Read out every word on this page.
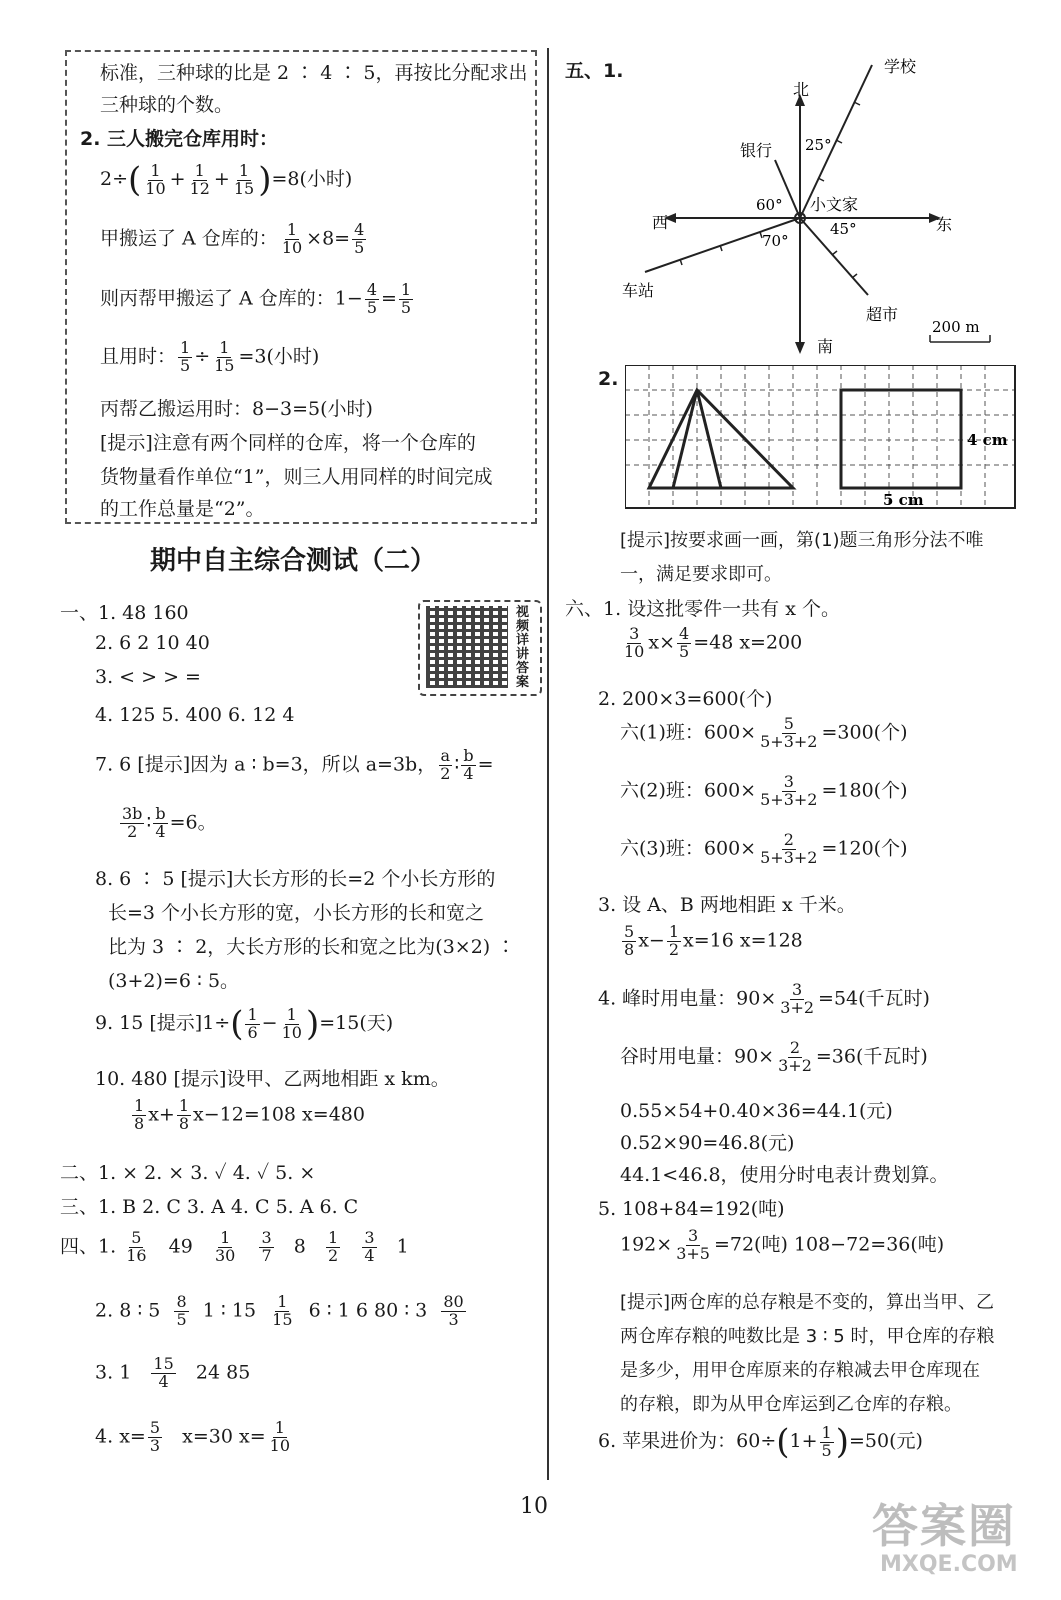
标准，三种球的比是 2 ∶ 4 ∶ 5，再按比分配求出
三种球的个数。
2. 三人搬完仓库用时：
$2\div( \frac{1}{10} + \frac{1}{12} + \frac{1}{15} )=8$(小时)
甲搬运了 A 仓库的： $\frac{1}{10} \times 8= \frac{4}{5}$
则丙帮甲搬运了 A 仓库的：$1- \frac{4}{5} = \frac{1}{5}$
且用时： $\frac{1}{5} \div \frac{1}{15} =3$(小时)
丙帮乙搬运用时：8−3=5(小时)
[提示]注意有两个同样的仓库，将一个仓库的
货物量看作单位“1”，则三人用同样的时间完成
的工作总量是“2”。
期中自主综合测试（二）
视频详讲答案
一、1. 48 160
2. 6 2 10 40
3. < > > =
4. 125 5. 400 6. 12 4
7. 6 [提示]因为 a ∶ b=3，所以 a=3b， $\frac{a}{2}$ ∶ $\frac{b}{4}$ =
$\frac{3b}{2}$ ∶ $\frac{b}{4} =6$。
8. 6 ∶ 5 [提示]大长方形的长=2 个小长方形的
长=3 个小长方形的宽，小长方形的长和宽之
比为 3 ∶ 2，大长方形的长和宽之比为(3×2) ∶
(3+2)=6 ∶ 5。
9. 15 [提示]$1\div( \frac{1}{6} - \frac{1}{10} )=15$(天)
10. 480 [提示]设甲、乙两地相距 x km。
$\frac{1}{8} x+ \frac{1}{8} x-12=108$ x=480
二、1. × 2. × 3. ✓ 4. ✓ 5. ×
三、1. B 2. C 3. A 4. C 5. A 6. C
四、1. $\frac{5}{16} 49 \frac{1}{30}$
$\frac{3}{7} 8 \frac{1}{2}$
$\frac{3}{4} 1$
2. 8 ∶ $5 \frac{8}{5} 1$ ∶ $15 \frac{1}{15} 6$ ∶ 1 6 80 ∶ $3 \frac{80}{3}$
3. $1 \frac{15}{4} 24$ 85
4. $x= \frac{5}{3} x=30$ $x= \frac{1}{10}$
五、1.
北
南
东
西
学校
银行
小文家
车站
超市
25°
60°
45°
70°
200 m
2.
4 cm
5 cm
[提示]按要求画一画，第(1)题三角形分法不唯
一，满足要求即可。
六、1. 设这批零件一共有 x 个。
$\frac{3}{10} x\times \frac{4}{5} =48$ x=200
2. 200×3=600(个)
六(1)班：$600\times \frac{5}{5+3+2} =300$(个)
六(2)班：$600\times \frac{3}{5+3+2} =180$(个)
六(3)班：$600\times \frac{2}{5+3+2} =120$(个)
3. 设 A、B 两地相距 x 千米。
$\frac{5}{8} x- \frac{1}{2} x=16$ x=128
4. 峰时用电量：$90\times \frac{3}{3+2} =54$(千瓦时)
谷时用电量：$90\times \frac{2}{3+2} =36$(千瓦时)
0.55×54+0.40×36=44.1(元)
0.52×90=46.8(元)
44.1<46.8，使用分时电表计费划算。
5. 108+84=192(吨)
$192\times \frac{3}{3+5} =72$(吨) 108−72=36(吨)
[提示]两仓库的总存粮是不变的，算出当甲、乙
两仓库存粮的吨数比是 3 ∶ 5 时，甲仓库的存粮
是多少，用甲仓库原来的存粮减去甲仓库现在
的存粮，即为从甲仓库运到乙仓库的存粮。
6. 苹果进价为：$60\div(1+ \frac{1}{5} )=50$(元)
10	答案圈
MXQE.COM
